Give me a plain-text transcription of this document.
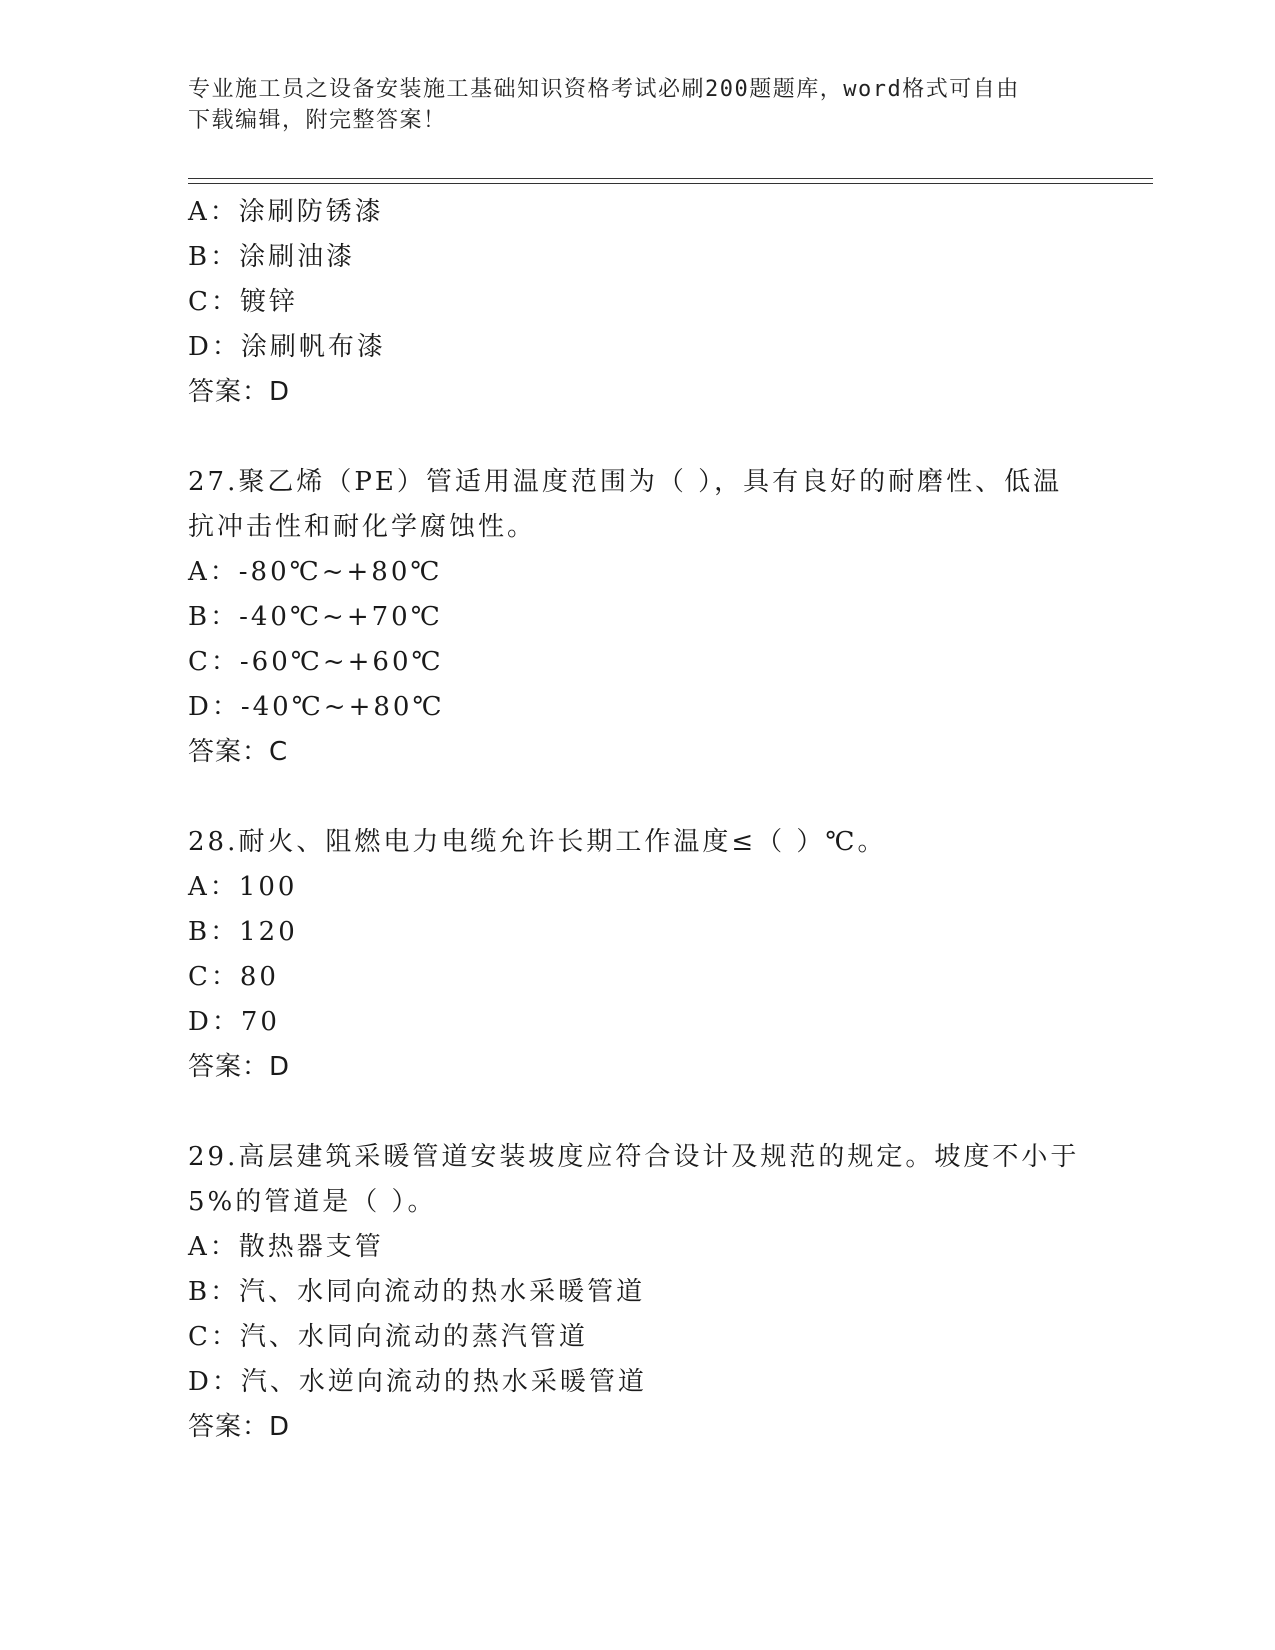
专业施工员之设备安装施工基础知识资格考试必刷200题题库，word格式可自由
下载编辑，附完整答案！
A：涂刷防锈漆
B：涂刷油漆
C：镀锌
D：涂刷帆布漆
答案：D
27.聚乙烯（PE）管适用温度范围为（ ），具有良好的耐磨性、低温
抗冲击性和耐化学腐蚀性。
A：-80℃~+80℃
B：-40℃~+70℃
C：-60℃~+60℃
D：-40℃~+80℃
答案：C
28.耐火、阻燃电力电缆允许长期工作温度≤（ ）℃。
A：100
B：120
C：80
D：70
答案：D
29.高层建筑采暖管道安装坡度应符合设计及规范的规定。坡度不小于
5%的管道是（ ）。
A：散热器支管
B：汽、水同向流动的热水采暖管道
C：汽、水同向流动的蒸汽管道
D：汽、水逆向流动的热水采暖管道
答案：D
